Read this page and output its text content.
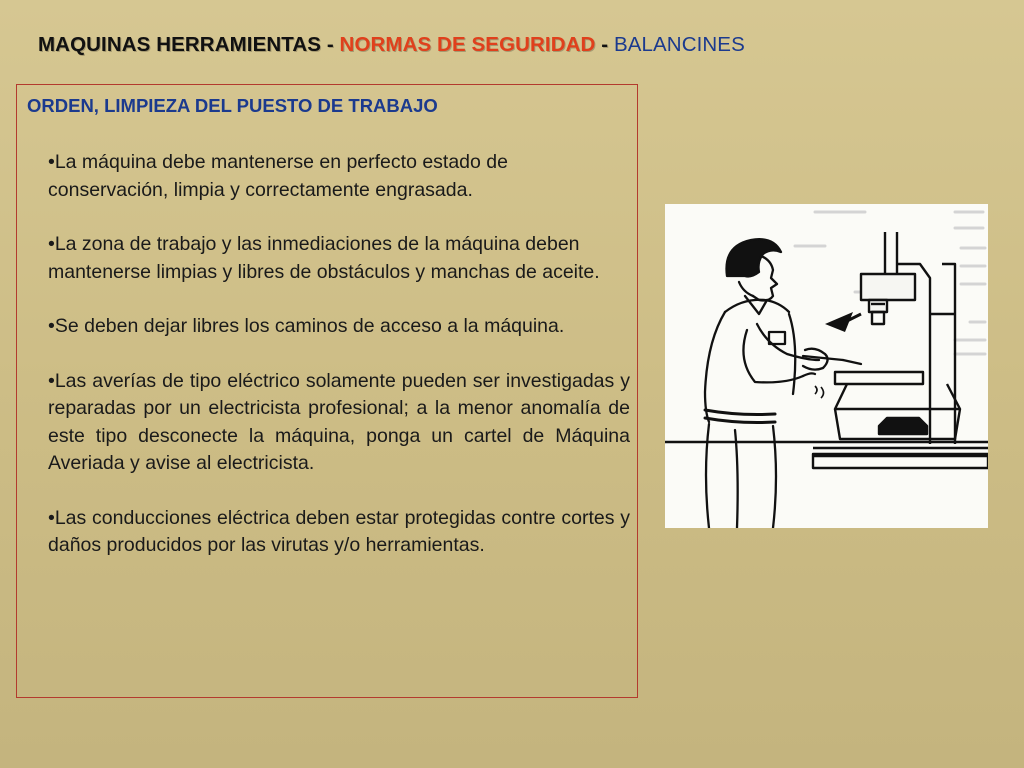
MAQUINAS HERRAMIENTAS - NORMAS DE SEGURIDAD - BALANCINES
ORDEN, LIMPIEZA DEL PUESTO DE TRABAJO

•La máquina debe mantenerse en perfecto estado de conservación, limpia y correctamente engrasada.

•La zona de trabajo y las inmediaciones de la máquina deben mantenerse limpias y libres de obstáculos y manchas de aceite.

•Se deben dejar libres los caminos de acceso a la máquina.

•Las averías de tipo eléctrico solamente pueden ser investigadas y reparadas por un electricista profesional; a la menor anomalía de este tipo desconecte la máquina, ponga un cartel de Máquina Averiada y avise al electricista.

•Las conducciones eléctrica deben estar protegidas contre cortes y daños producidos por las virutas y/o herramientas.
